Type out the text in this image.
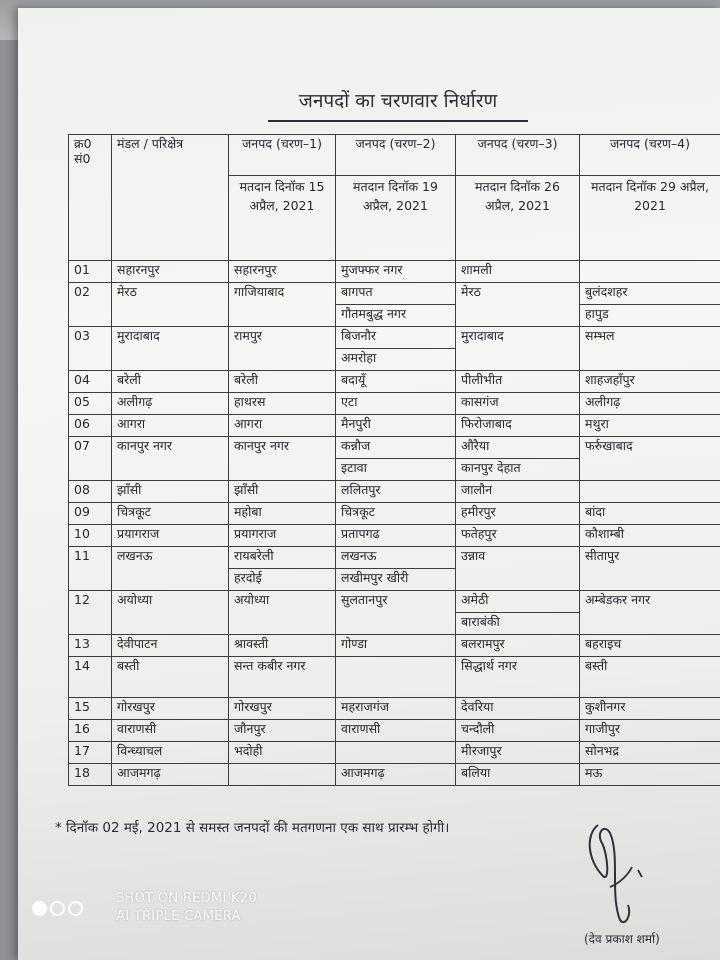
जनपदों का चरणवार निर्धारण
क्र0
सं0	मंडल / परिक्षेत्र	जनपद (चरण–1)	जनपद (चरण–2)	जनपद (चरण–3)	जनपद (चरण–4)
		मतदान दिनॉक 15 अप्रैल, 2021	मतदान दिनॉक 19 अप्रैल, 2021	मतदान दिनॉक 26 अप्रैल, 2021	मतदान दिनॉक 29 अप्रैल, 2021
01	सहारनपुर	सहारनपुर	मुजफ्फर नगर	शामली	
02	मेरठ	गाजियाबाद	बागपत	मेरठ	बुलंदशहर
			गौतमबुद्ध नगर		हापुड
03	मुरादाबाद	रामपुर	बिजनौर	मुरादाबाद	सम्भल
			अमरोहा		
04	बरेली	बरेली	बदायूँ	पीलीभीत	शाहजहाँपुर
05	अलीगढ़	हाथरस	एटा	कासगंज	अलीगढ़
06	आगरा	आगरा	मैनपुरी	फिरोजाबाद	मथुरा
07	कानपुर नगर	कानपुर नगर	कन्नौज	औरैया	फर्रुखाबाद
			इटावा	कानपुर देहात	
08	झाँसी	झाँसी	ललितपुर	जालौन	
09	चित्रकूट	महोबा	चित्रकूट	हमीरपुर	बांदा
10	प्रयागराज	प्रयागराज	प्रतापगढ	फतेहपुर	कौशाम्बी
11	लखनऊ	रायबरेली	लखनऊ	उन्नाव	सीतापुर
		हरदोई	लखीमपुर खीरी		
12	अयोध्या	अयोध्या	सुलतानपुर	अमेठी	अम्बेडकर नगर
				बाराबंकी	
13	देवीपाटन	श्रावस्ती	गोण्डा	बलरामपुर	बहराइच
14	बस्ती	सन्त कबीर नगर		सिद्धार्थ नगर	बस्ती
15	गोरखपुर	गोरखपुर	महराजगंज	देवरिया	कुशीनगर
16	वाराणसी	जौनपुर	वाराणसी	चन्दौली	गाजीपुर
17	विन्ध्याचल	भदोही		मीरजापुर	सोनभद्र
18	आजमगढ़		आजमगढ़	बलिया	मऊ
* दिनॉक 02 मई, 2021 से समस्त जनपदों की मतगणना एक साथ प्रारम्भ होगी।
(देव प्रकाश शर्मा)
SHOT ON REDMI K20
AI TRIPLE CAMERA
